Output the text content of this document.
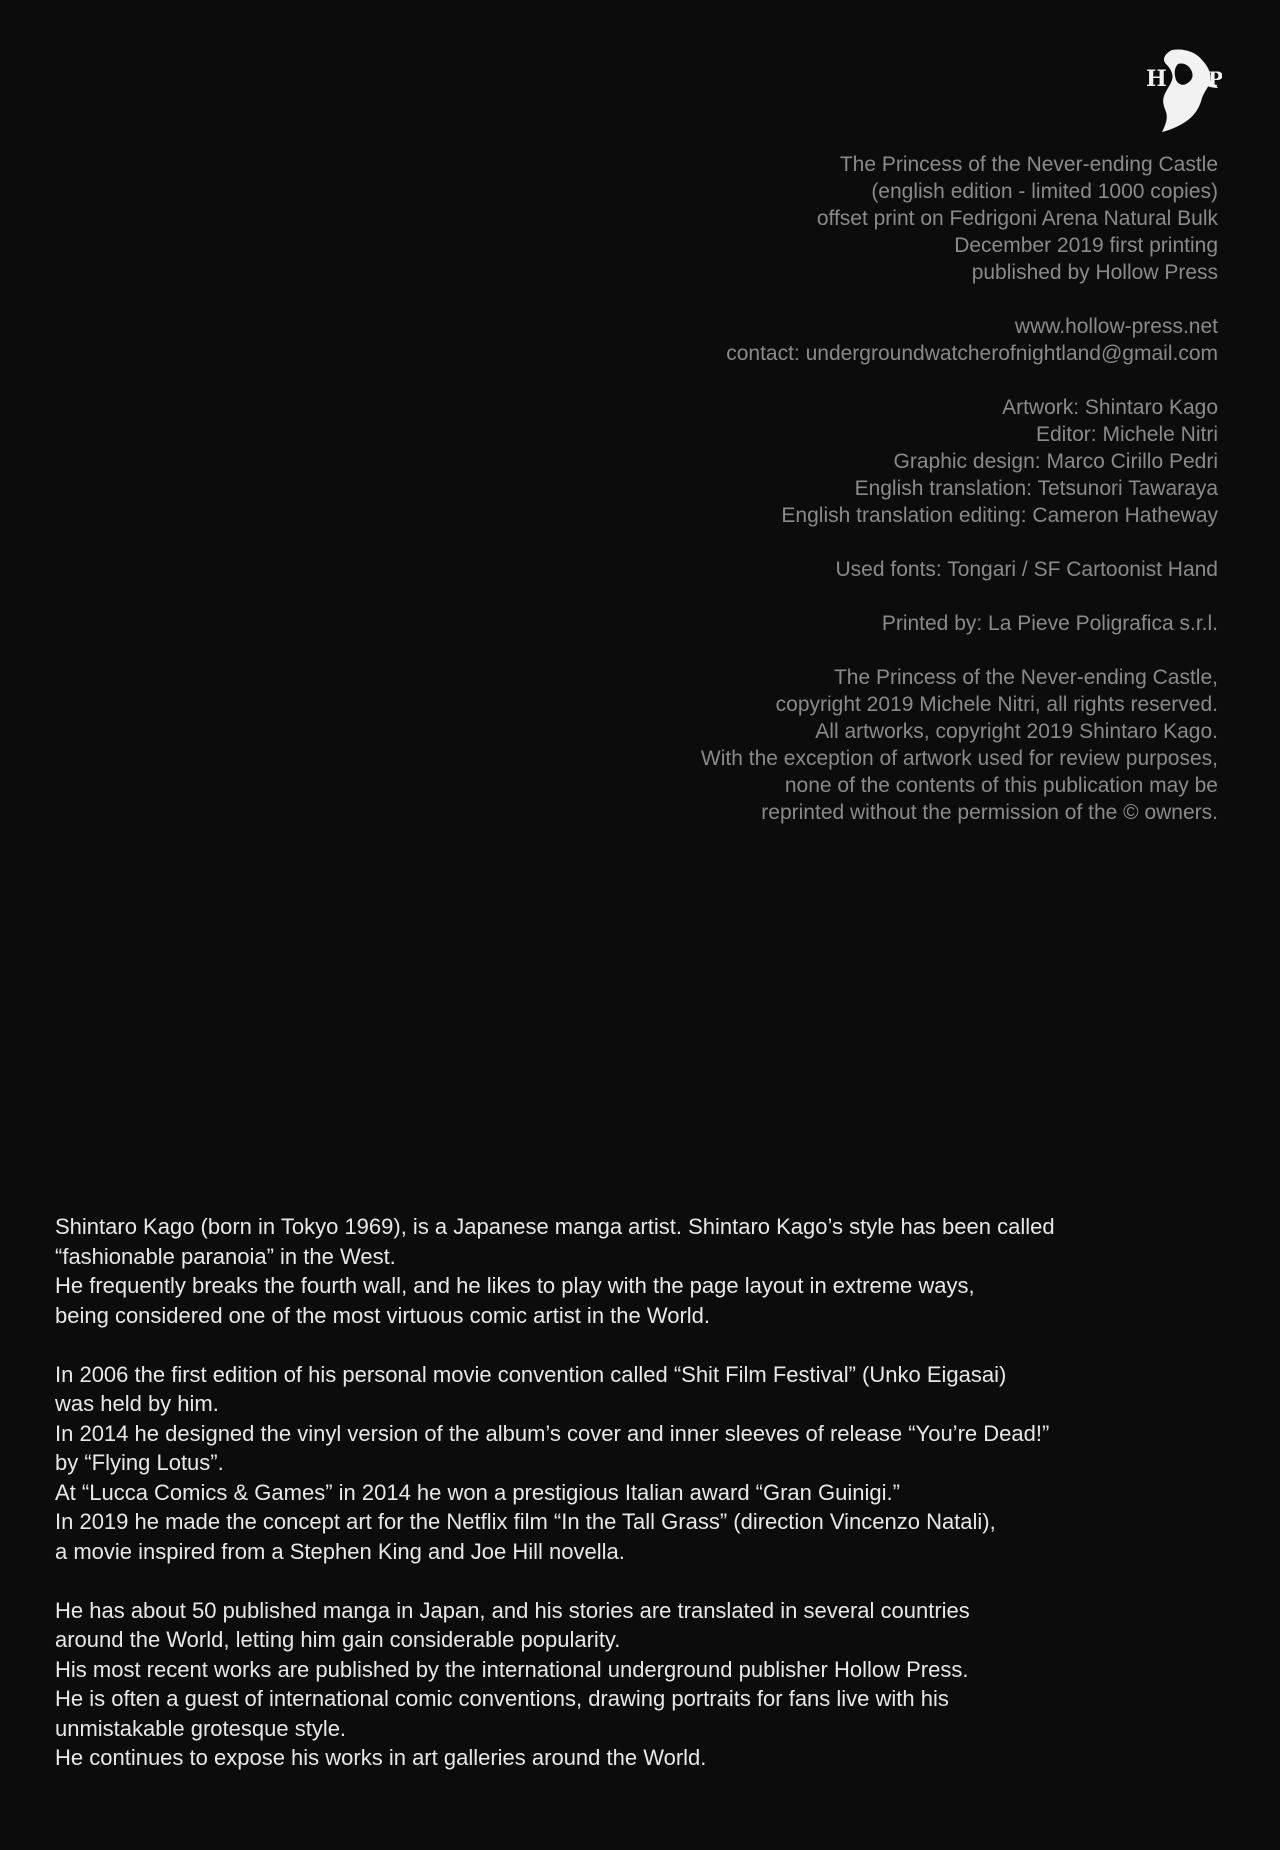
H P
The Princess of the Never-ending Castle
(english edition - limited 1000 copies)
offset print on Fedrigoni Arena Natural Bulk
December 2019 first printing
published by Hollow Press
www.hollow-press.net
contact: undergroundwatcherofnightland@gmail.com
Artwork: Shintaro Kago
Editor: Michele Nitri
Graphic design: Marco Cirillo Pedri
English translation: Tetsunori Tawaraya
English translation editing: Cameron Hatheway
Used fonts: Tongari / SF Cartoonist Hand
Printed by: La Pieve Poligrafica s.r.l.
The Princess of the Never-ending Castle,
copyright 2019 Michele Nitri, all rights reserved.
All artworks, copyright 2019 Shintaro Kago.
With the exception of artwork used for review purposes,
none of the contents of this publication may be
reprinted without the permission of the © owners.
Shintaro Kago (born in Tokyo 1969), is a Japanese manga artist. Shintaro Kago’s style has been called
“fashionable paranoia” in the West.
He frequently breaks the fourth wall, and he likes to play with the page layout in extreme ways,
being considered one of the most virtuous comic artist in the World.
In 2006 the first edition of his personal movie convention called “Shit Film Festival” (Unko Eigasai)
was held by him.
In 2014 he designed the vinyl version of the album’s cover and inner sleeves of release “You’re Dead!”
by “Flying Lotus”.
At “Lucca Comics & Games” in 2014 he won a prestigious Italian award “Gran Guinigi.”
In 2019 he made the concept art for the Netflix film “In the Tall Grass” (direction Vincenzo Natali),
a movie inspired from a Stephen King and Joe Hill novella.
He has about 50 published manga in Japan, and his stories are translated in several countries
around the World, letting him gain considerable popularity.
His most recent works are published by the international underground publisher Hollow Press.
He is often a guest of international comic conventions, drawing portraits for fans live with his
unmistakable grotesque style.
He continues to expose his works in art galleries around the World.
